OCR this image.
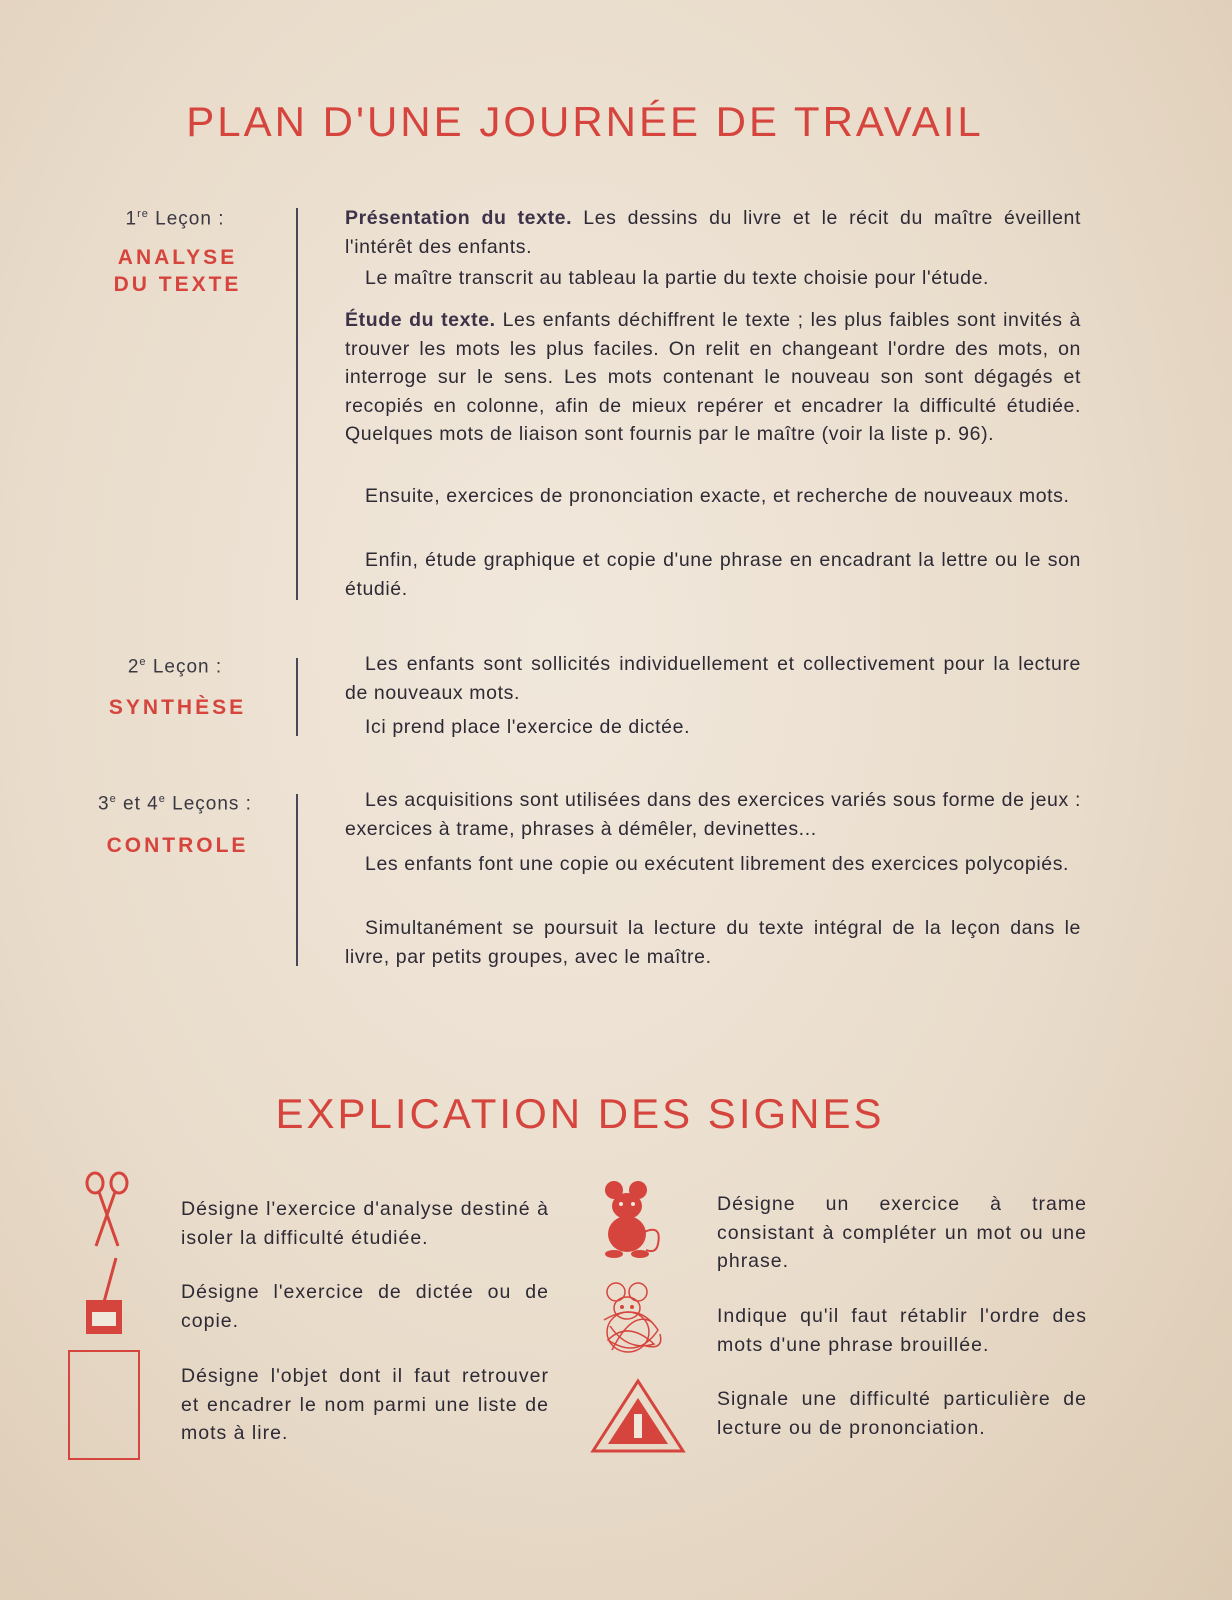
PLAN D'UNE JOURNÉE DE TRAVAIL
1re Leçon :
ANALYSE
DU TEXTE

Présentation du texte. Les dessins du livre et le récit du maître éveillent l'intérêt des enfants.

Le maître transcrit au tableau la partie du texte choisie pour l'étude.

Étude du texte. Les enfants déchiffrent le texte ; les plus faibles sont invités à trouver les mots les plus faciles. On relit en changeant l'ordre des mots, on interroge sur le sens. Les mots contenant le nouveau son sont dégagés et recopiés en colonne, afin de mieux repérer et encadrer la difficulté étudiée. Quelques mots de liaison sont fournis par le maître (voir la liste p. 96).

Ensuite, exercices de prononciation exacte, et recherche de nouveaux mots.

Enfin, étude graphique et copie d'une phrase en encadrant la lettre ou le son étudié.

2e Leçon :
SYNTHÈSE

Les enfants sont sollicités individuellement et collectivement pour la lecture de nouveaux mots.

Ici prend place l'exercice de dictée.

3e et 4e Leçons :
CONTROLE

Les acquisitions sont utilisées dans des exercices variés sous forme de jeux : exercices à trame, phrases à démêler, devinettes...

Les enfants font une copie ou exécutent librement des exercices polycopiés.

Simultanément se poursuit la lecture du texte intégral de la leçon dans le livre, par petits groupes, avec le maître.

EXPLICATION DES SIGNES

Désigne l'exercice d'analyse destiné à isoler la difficulté étudiée.

Désigne l'exercice de dictée ou de copie.

Désigne l'objet dont il faut retrouver et encadrer le nom parmi une liste de mots à lire.

Désigne un exercice à trame consistant à compléter un mot ou une phrase.

Indique qu'il faut rétablir l'ordre des mots d'une phrase brouillée.

Signale une difficulté particulière de lecture ou de prononciation.
